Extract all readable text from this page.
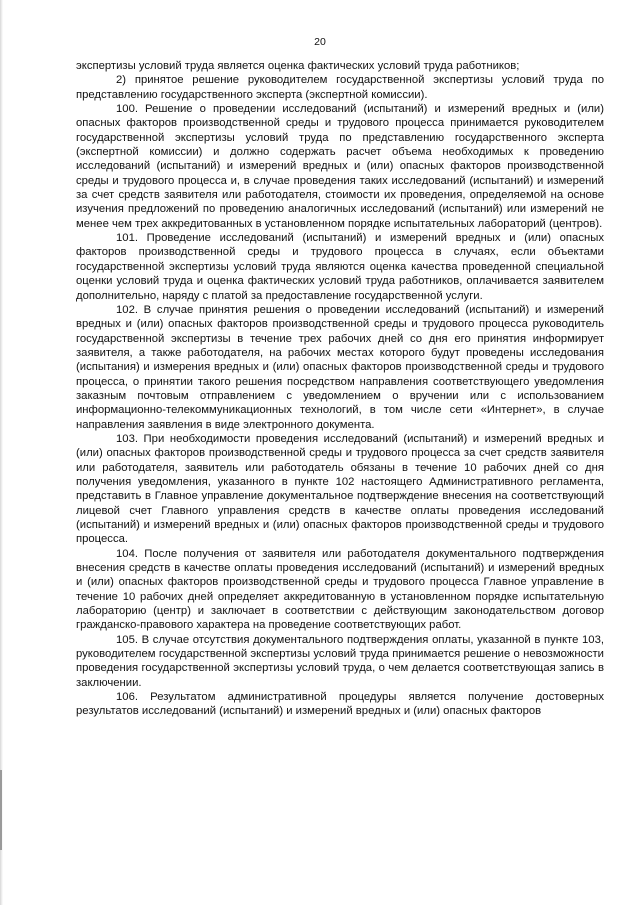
20

экспертизы условий труда является оценка фактических условий труда работников;

2) принятое решение руководителем государственной экспертизы условий труда по представлению государственного эксперта (экспертной комиссии).

100. Решение о проведении исследований (испытаний) и измерений вредных и (или) опасных факторов производственной среды и трудового процесса принимается руководителем государственной экспертизы условий труда по представлению государственного эксперта (экспертной комиссии) и должно содержать расчет объема необходимых к проведению исследований (испытаний) и измерений вредных и (или) опасных факторов производственной среды и трудового процесса и, в случае проведения таких исследований (испытаний) и измерений за счет средств заявителя или работодателя, стоимости их проведения, определяемой на основе изучения предложений по проведению аналогичных исследований (испытаний) или измерений не менее чем трех аккредитованных в установленном порядке испытательных лабораторий (центров).

101. Проведение исследований (испытаний) и измерений вредных и (или) опасных факторов производственной среды и трудового процесса в случаях, если объектами государственной экспертизы условий труда являются оценка качества проведенной специальной оценки условий труда и оценка фактических условий труда работников, оплачивается заявителем дополнительно, наряду с платой за предоставление государственной услуги.

102. В случае принятия решения о проведении исследований (испытаний) и измерений вредных и (или) опасных факторов производственной среды и трудового процесса руководитель государственной экспертизы в течение трех рабочих дней со дня его принятия информирует заявителя, а также работодателя, на рабочих местах которого будут проведены исследования (испытания) и измерения вредных и (или) опасных факторов производственной среды и трудового процесса, о принятии такого решения посредством направления соответствующего уведомления заказным почтовым отправлением с уведомлением о вручении или с использованием информационно-телекоммуникационных технологий, в том числе сети «Интернет», в случае направления заявления в виде электронного документа.

103. При необходимости проведения исследований (испытаний) и измерений вредных и (или) опасных факторов производственной среды и трудового процесса за счет средств заявителя или работодателя, заявитель или работодатель обязаны в течение 10 рабочих дней со дня получения уведомления, указанного в пункте 102 настоящего Административного регламента, представить в Главное управление документальное подтверждение внесения на соответствующий лицевой счет Главного управления средств в качестве оплаты проведения исследований (испытаний) и измерений вредных и (или) опасных факторов производственной среды и трудового процесса.

104. После получения от заявителя или работодателя документального подтверждения внесения средств в качестве оплаты проведения исследований (испытаний) и измерений вредных и (или) опасных факторов производственной среды и трудового процесса Главное управление в течение 10 рабочих дней определяет аккредитованную в установленном порядке испытательную лабораторию (центр) и заключает в соответствии с действующим законодательством договор гражданско-правового характера на проведение соответствующих работ.

105. В случае отсутствия документального подтверждения оплаты, указанной в пункте 103, руководителем государственной экспертизы условий труда принимается решение о невозможности проведения государственной экспертизы условий труда, о чем делается соответствующая запись в заключении.

106. Результатом административной процедуры является получение достоверных результатов исследований (испытаний) и измерений вредных и (или) опасных факторов
